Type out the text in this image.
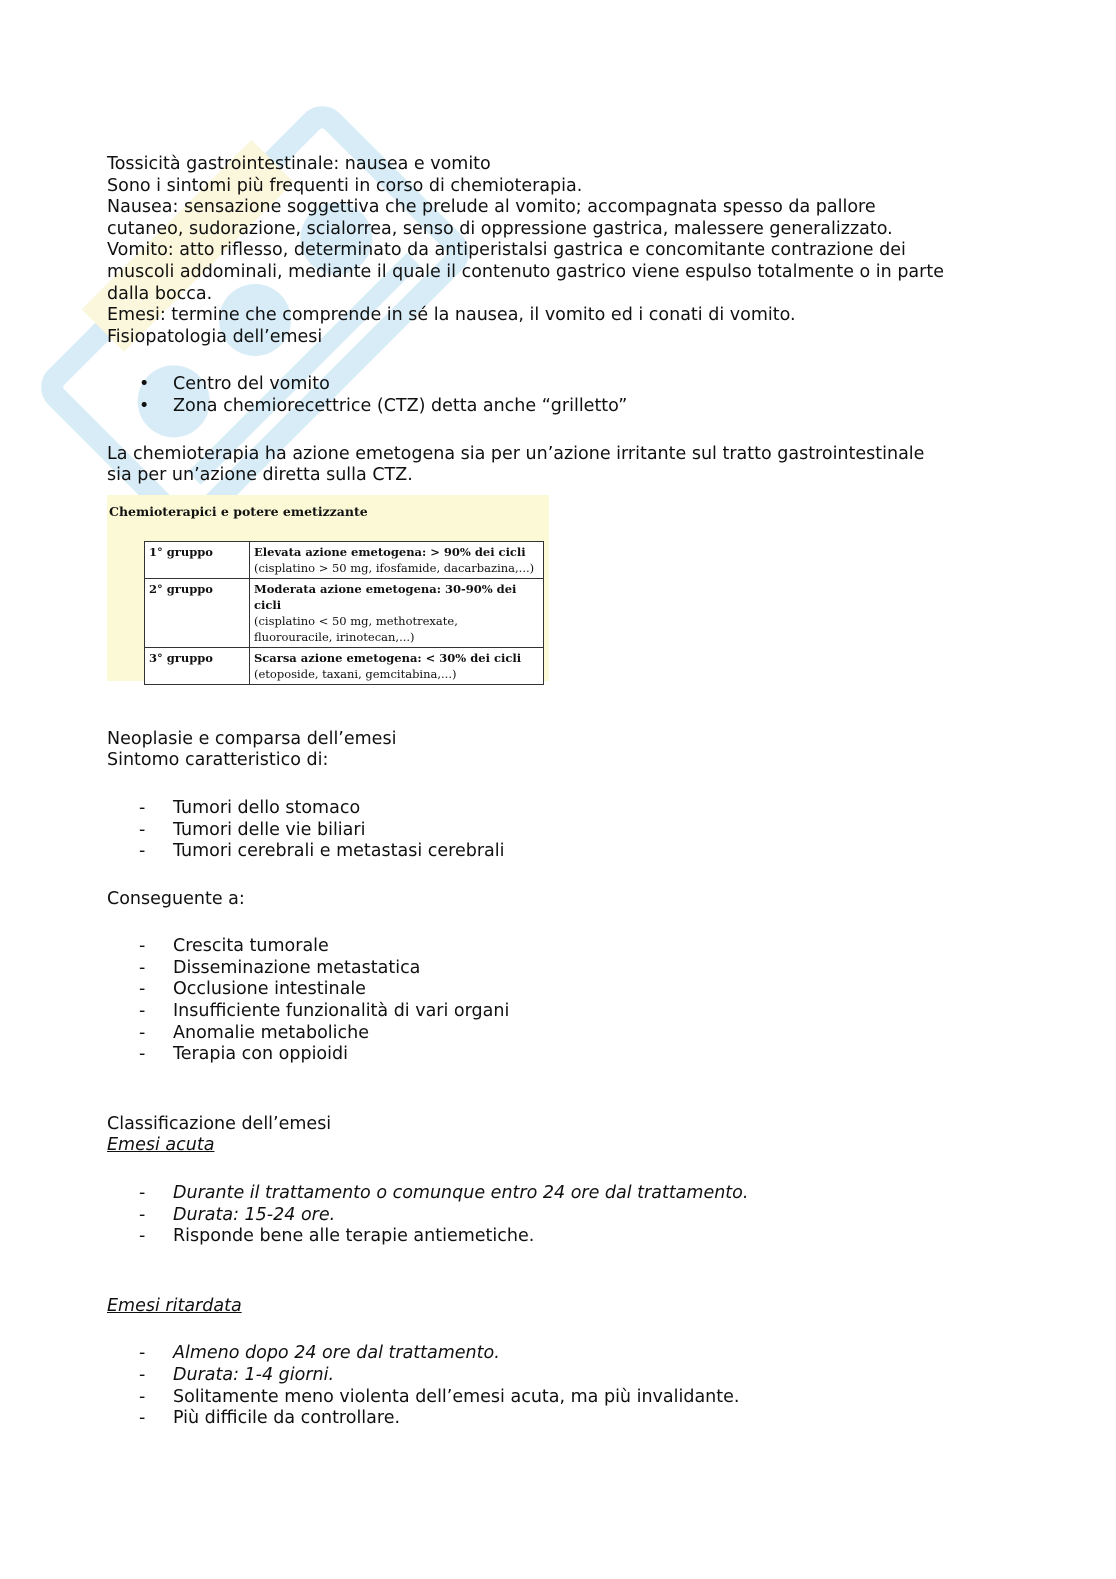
Tossicità gastrointestinale: nausea e vomito
Sono i sintomi più frequenti in corso di chemioterapia.
Nausea: sensazione soggettiva che prelude al vomito; accompagnata spesso da pallore
cutaneo, sudorazione, scialorrea, senso di oppressione gastrica, malessere generalizzato.
Vomito: atto riflesso, determinato da antiperistalsi gastrica e concomitante contrazione dei
muscoli addominali, mediante il quale il contenuto gastrico viene espulso totalmente o in parte
dalla bocca.
Emesi: termine che comprende in sé la nausea, il vomito ed i conati di vomito.
Fisiopatologia dell’emesi
•	Centro del vomito
•	Zona chemiorecettrice (CTZ) detta anche “grilletto”
La chemioterapia ha azione emetogena sia per un’azione irritante sul tratto gastrointestinale
sia per un’azione diretta sulla CTZ.
Chemioterapici e potere emetizzante
1° gruppo	Elevata azione emetogena: > 90% dei cicli
(cisplatino > 50 mg, ifosfamide, dacarbazina,...)
2° gruppo	Moderata azione emetogena: 30-90% dei cicli
(cisplatino < 50 mg, methotrexate, fluorouracile, irinotecan,...)
3° gruppo	Scarsa azione emetogena: < 30% dei cicli
(etoposide, taxani, gemcitabina,...)
Neoplasie e comparsa dell’emesi
Sintomo caratteristico di:
-	Tumori dello stomaco
-	Tumori delle vie biliari
-	Tumori cerebrali e metastasi cerebrali
Conseguente a:
-	Crescita tumorale
-	Disseminazione metastatica
-	Occlusione intestinale
-	Insufficiente funzionalità di vari organi
-	Anomalie metaboliche
-	Terapia con oppioidi
Classificazione dell’emesi
Emesi acuta
-	Durante il trattamento o comunque entro 24 ore dal trattamento.
-	Durata: 15-24 ore.
-	Risponde bene alle terapie antiemetiche.
Emesi ritardata
-	Almeno dopo 24 ore dal trattamento.
-	Durata: 1-4 giorni.
-	Solitamente meno violenta dell’emesi acuta, ma più invalidante.
-	Più difficile da controllare.
